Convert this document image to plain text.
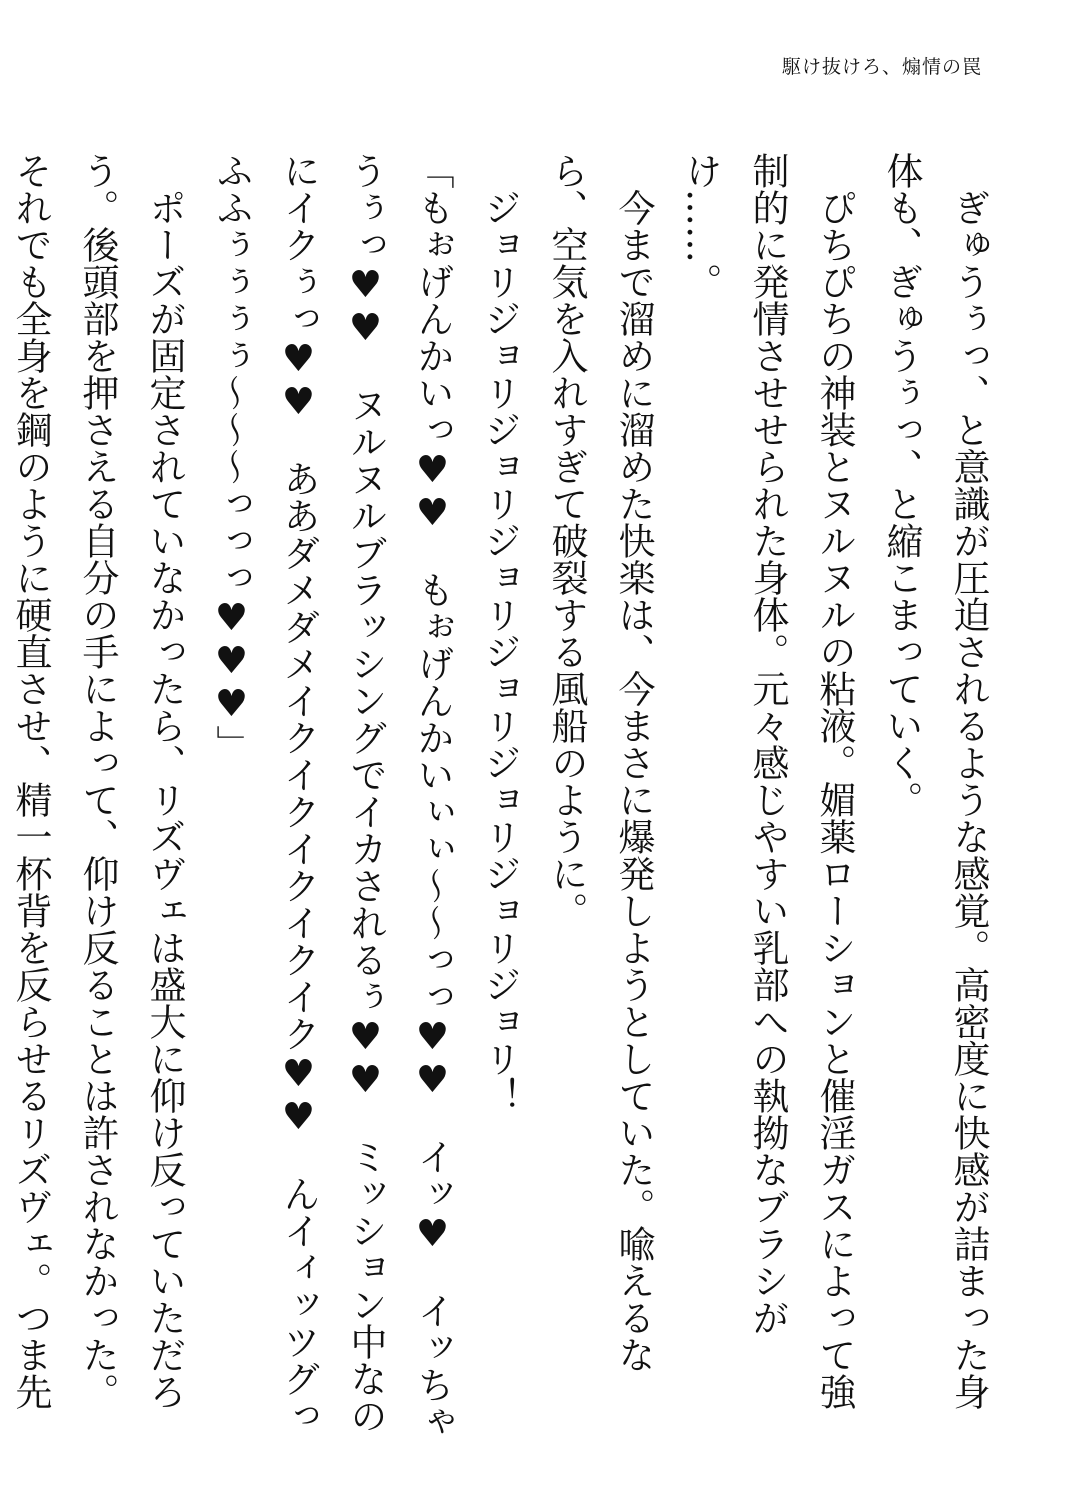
駆け抜けろ、煽情の罠

　ぎゅうぅっ、と意識が圧迫されるような感覚。高密度に快感が詰まった身体も、ぎゅうぅっ、と縮こまっていく。

　ぴちぴちの神装とヌルヌルの粘液。媚薬ローションと催淫ガスによって強制的に発情させせられた身体。元々感じやすい乳部への執拗なブラシがけ……。

　今まで溜めに溜めた快楽は、今まさに爆発しようとしていた。喩えるなら、空気を入れすぎて破裂する風船のように。

　ジョリジョリジョリジョリジョリジョリジョリジョリ！

「もぉげんかいっ♥♥　もぉげんかいぃぃ～～っっ♥♥　イッ♥　イッちゃうぅっ♥♥　ヌルヌルブラッシングでイカされるぅ♥♥　ミッション中なのにイクぅっ♥♥　ああダメダメイクイクイクイクイク♥♥　んイィッツグっふふぅぅぅぅ～～～っっっ♥♥♥」

　ポーズが固定されていなかったら、リズヴェは盛大に仰け反っていただろう。後頭部を押さえる自分の手によって、仰け反ることは許されなかった。それでも全身を鋼のように硬直させ、精一杯背を反らせるリズヴェ。つま先
